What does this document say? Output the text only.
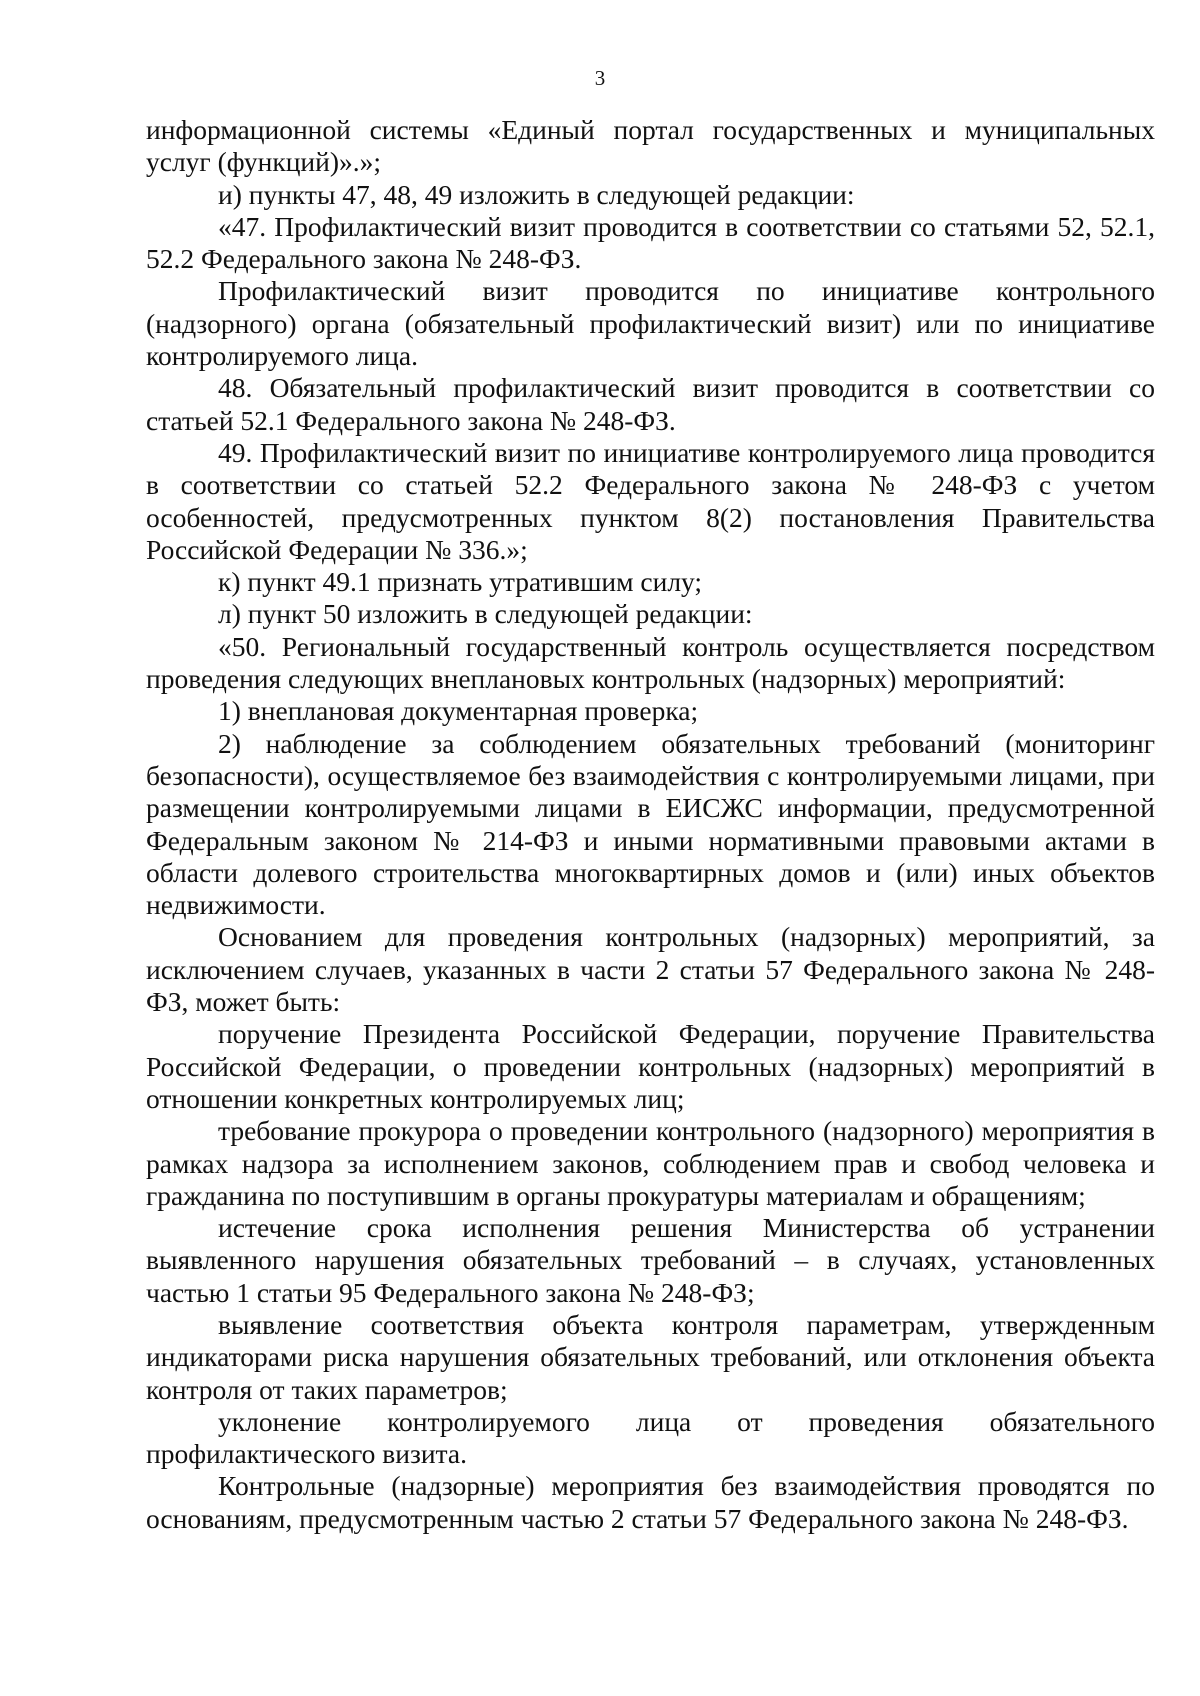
3

информационной системы «Единый портал государственных и муниципальных услуг (функций)».»;

и) пункты 47, 48, 49 изложить в следующей редакции:

«47. Профилактический визит проводится в соответствии со статьями 52, 52.1, 52.2 Федерального закона № 248-ФЗ.

Профилактический визит проводится по инициативе контрольного (надзорного) органа (обязательный профилактический визит) или по инициативе контролируемого лица.

48. Обязательный профилактический визит проводится в соответствии со статьей 52.1 Федерального закона № 248-ФЗ.

49. Профилактический визит по инициативе контролируемого лица проводится в соответствии со статьей 52.2 Федерального закона № 248-ФЗ с учетом особенностей, предусмотренных пунктом 8(2) постановления Правительства Российской Федерации № 336.»;

к) пункт 49.1 признать утратившим силу;

л) пункт 50 изложить в следующей редакции:

«50. Региональный государственный контроль осуществляется посредством проведения следующих внеплановых контрольных (надзорных) мероприятий:

1) внеплановая документарная проверка;

2) наблюдение за соблюдением обязательных требований (мониторинг безопасности), осуществляемое без взаимодействия с контролируемыми лицами, при размещении контролируемыми лицами в ЕИСЖС информации, предусмотренной Федеральным законом № 214-ФЗ и иными нормативными правовыми актами в области долевого строительства многоквартирных домов и (или) иных объектов недвижимости.

Основанием для проведения контрольных (надзорных) мероприятий, за исключением случаев, указанных в части 2 статьи 57 Федерального закона № 248-ФЗ, может быть:

поручение Президента Российской Федерации, поручение Правительства Российской Федерации, о проведении контрольных (надзорных) мероприятий в отношении конкретных контролируемых лиц;

требование прокурора о проведении контрольного (надзорного) мероприятия в рамках надзора за исполнением законов, соблюдением прав и свобод человека и гражданина по поступившим в органы прокуратуры материалам и обращениям;

истечение срока исполнения решения Министерства об устранении выявленного нарушения обязательных требований – в случаях, установленных частью 1 статьи 95 Федерального закона № 248-ФЗ;

выявление соответствия объекта контроля параметрам, утвержденным индикаторами риска нарушения обязательных требований, или отклонения объекта контроля от таких параметров;

уклонение контролируемого лица от проведения обязательного профилактического визита.

Контрольные (надзорные) мероприятия без взаимодействия проводятся по основаниям, предусмотренным частью 2 статьи 57 Федерального закона № 248-ФЗ.
